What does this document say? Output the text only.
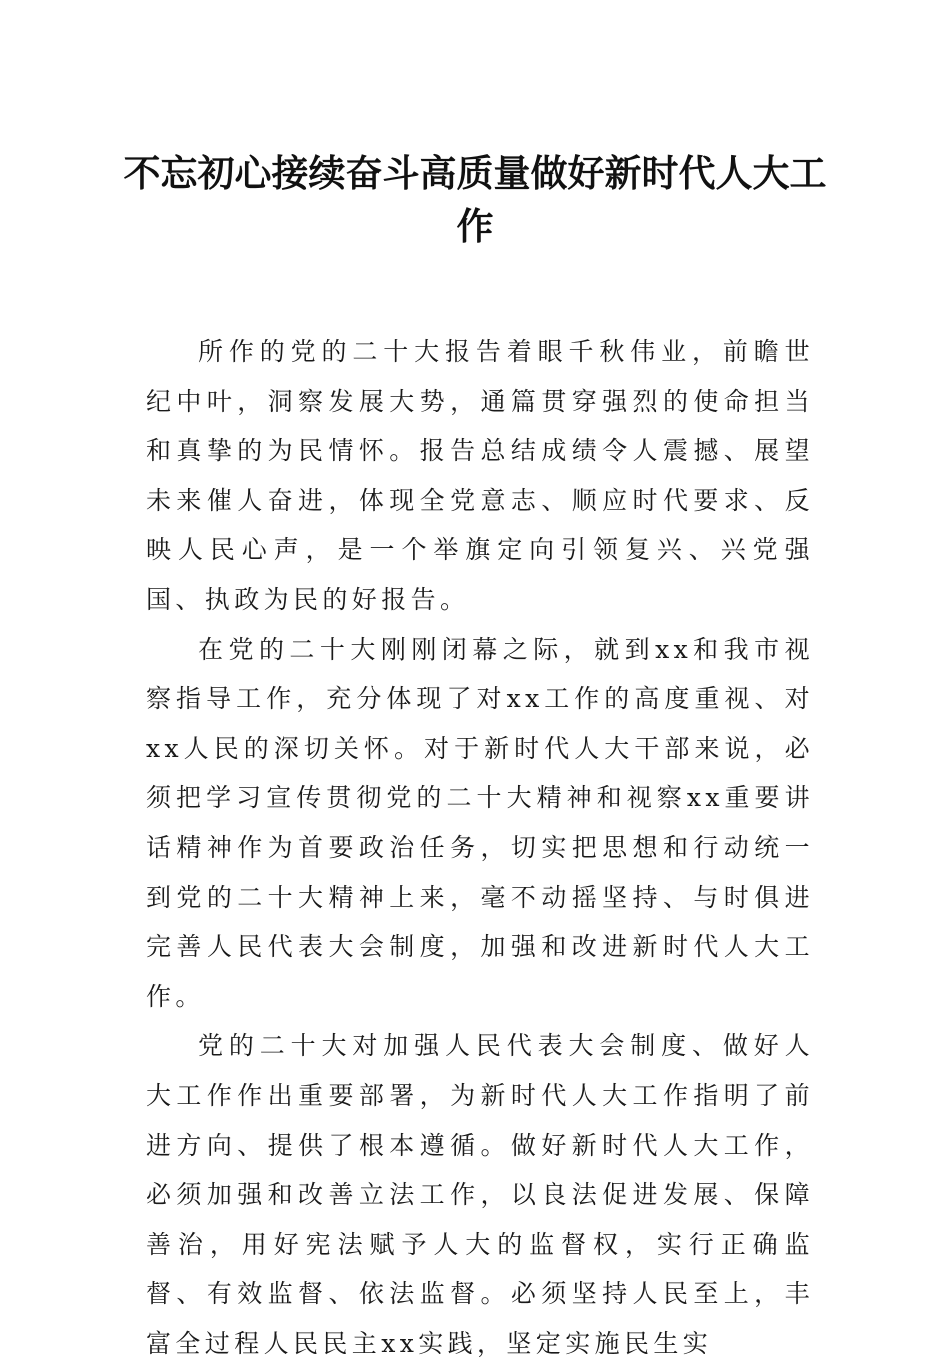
不忘初心接续奋斗高质量做好新时代人大工作

所作的党的二十大报告着眼千秋伟业，前瞻世纪中叶，洞察发展大势，通篇贯穿强烈的使命担当和真挚的为民情怀。报告总结成绩令人震撼、展望未来催人奋进，体现全党意志、顺应时代要求、反映人民心声，是一个举旗定向引领复兴、兴党强国、执政为民的好报告。

在党的二十大刚刚闭幕之际，就到xx和我市视察指导工作，充分体现了对xx工作的高度重视、对xx人民的深切关怀。对于新时代人大干部来说，必须把学习宣传贯彻党的二十大精神和视察xx重要讲话精神作为首要政治任务，切实把思想和行动统一到党的二十大精神上来，毫不动摇坚持、与时俱进完善人民代表大会制度，加强和改进新时代人大工作。

党的二十大对加强人民代表大会制度、做好人大工作作出重要部署，为新时代人大工作指明了前进方向、提供了根本遵循。做好新时代人大工作，必须加强和改善立法工作，以良法促进发展、保障善治，用好宪法赋予人大的监督权，实行正确监督、有效监督、依法监督。必须坚持人民至上，丰富全过程人民民主xx实践，坚定实施民生实
